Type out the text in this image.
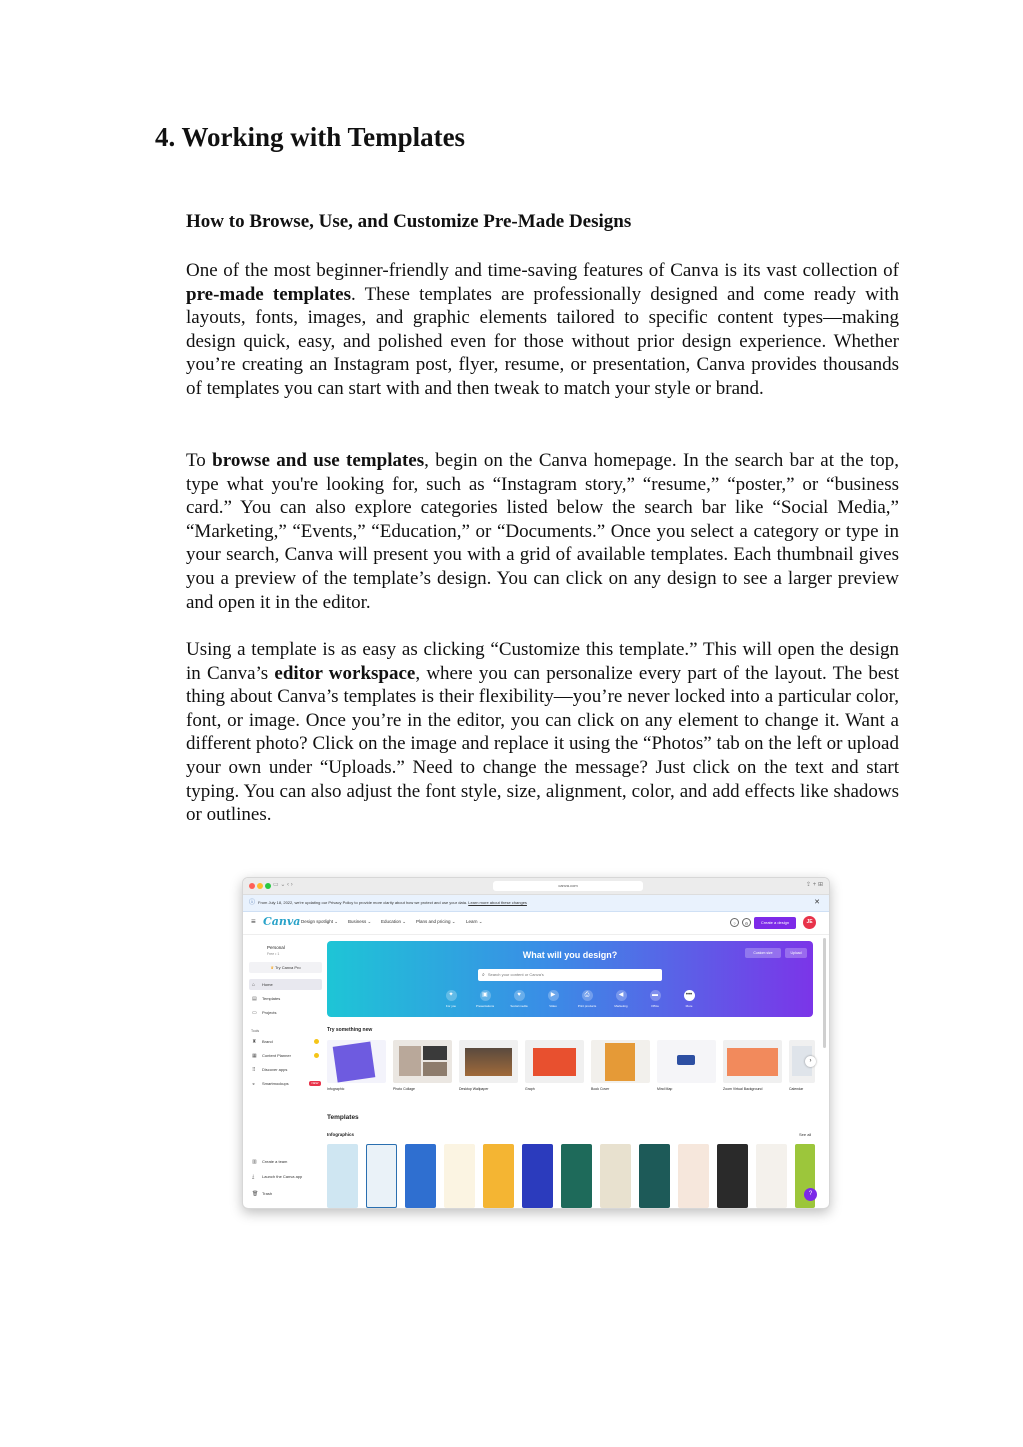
4. Working with Templates
How to Browse, Use, and Customize Pre-Made Designs

One of the most beginner-friendly and time-saving features of Canva is its vast collection of pre-made templates. These templates are professionally designed and come ready with layouts, fonts, images, and graphic elements tailored to specific content types—making design quick, easy, and polished even for those without prior design experience. Whether you’re creating an Instagram post, flyer, resume, or presentation, Canva provides thousands of templates you can start with and then tweak to match your style or brand.

To browse and use templates, begin on the Canva homepage. In the search bar at the top, type what you're looking for, such as “Instagram story,” “resume,” “poster,” or “business card.” You can also explore categories listed below the search bar like “Social Media,” “Marketing,” “Events,” “Education,” or “Documents.” Once you select a category or type in your search, Canva will present you with a grid of available templates. Each thumbnail gives you a preview of the template’s design. You can click on any design to see a larger preview and open it in the editor.

Using a template is as easy as clicking “Customize this template.” This will open the design in Canva’s editor workspace, where you can personalize every part of the layout. The best thing about Canva’s templates is their flexibility—you’re never locked into a particular color, font, or image. Once you’re in the editor, you can click on any element to change it. Want a different photo? Click on the image and replace it using the “Photos” tab on the left or upload your own under “Uploads.” Need to change the message? Just click on the text and start typing. You can also adjust the font style, size, alignment, color, and add effects like shadows or outlines.

▭ ⌄ ‹ ›	canva.com	⇪ + ⊞
ⓘ From July 18, 2022, we're updating our Privacy Policy to provide more clarity about how we protect and use your data. Learn more about these changes	✕
≡ Canva Design spotlight ⌄ Business ⌄ Education ⌄ Plans and pricing ⌄ Learn ⌄	?	⚙	Create a design	JE
Personal
Free • 1
♛ Try Canva Pro
⌂ Home
▤ Templates
▭ Projects
Tools
♜ Brand
▦ Content Planner
⠿ Discover apps
◒ Smartmockups	NEW
▥ Create a team
⤓ Launch the Canva app
🗑 Trash
What will you design?	Custom size	Upload
⌕ Search your content or Canva's
✦
For you
▣
Presentations
♥
Social media
▶
Video
⎙
Print products
◀
Marketing
▬
Office
•••
More
Try something new
›
Infographic	Photo Collage	Desktop Wallpaper	Graph	Book Cover	Mind Map	Zoom Virtual Background	Calendar
Templates
Infographics	See all
?
